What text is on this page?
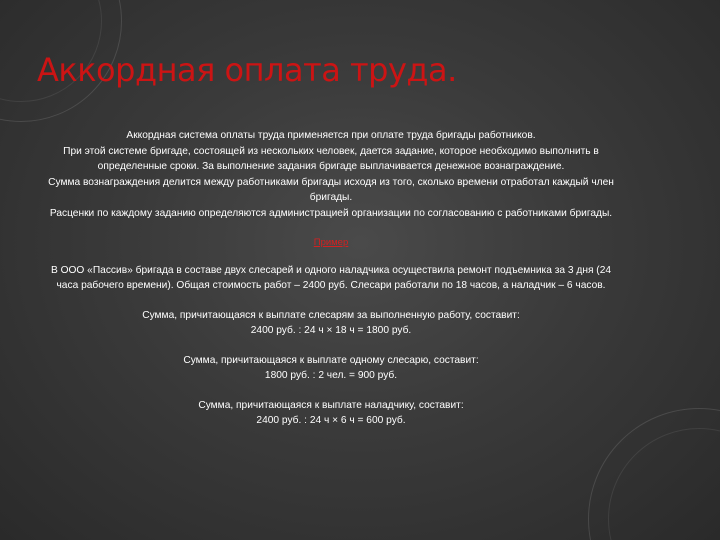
Аккордная оплата труда.

Аккордная система оплаты труда применяется при оплате труда бригады работников.

При этой системе бригаде, состоящей из нескольких человек, дается задание, которое необходимо выполнить в определенные сроки. За выполнение задания бригаде выплачивается денежное вознаграждение.

Сумма вознаграждения делится между работниками бригады исходя из того, сколько времени отработал каждый член бригады.

Расценки по каждому заданию определяются администрацией организации по согласованию с работниками бригады.

Пример

В ООО «Пассив» бригада в составе двух слесарей и одного наладчика осуществила ремонт подъемника за 3 дня (24 часа рабочего времени). Общая стоимость работ – 2400 руб. Слесари работали по 18 часов, а наладчик – 6 часов.

Сумма, причитающаяся к выплате слесарям за выполненную работу, составит:

2400 руб. : 24 ч × 18 ч = 1800 руб.

Сумма, причитающаяся к выплате одному слесарю, составит:

1800 руб. : 2 чел. = 900 руб.

Сумма, причитающаяся к выплате наладчику, составит:

2400 руб. : 24 ч × 6 ч = 600 руб.
